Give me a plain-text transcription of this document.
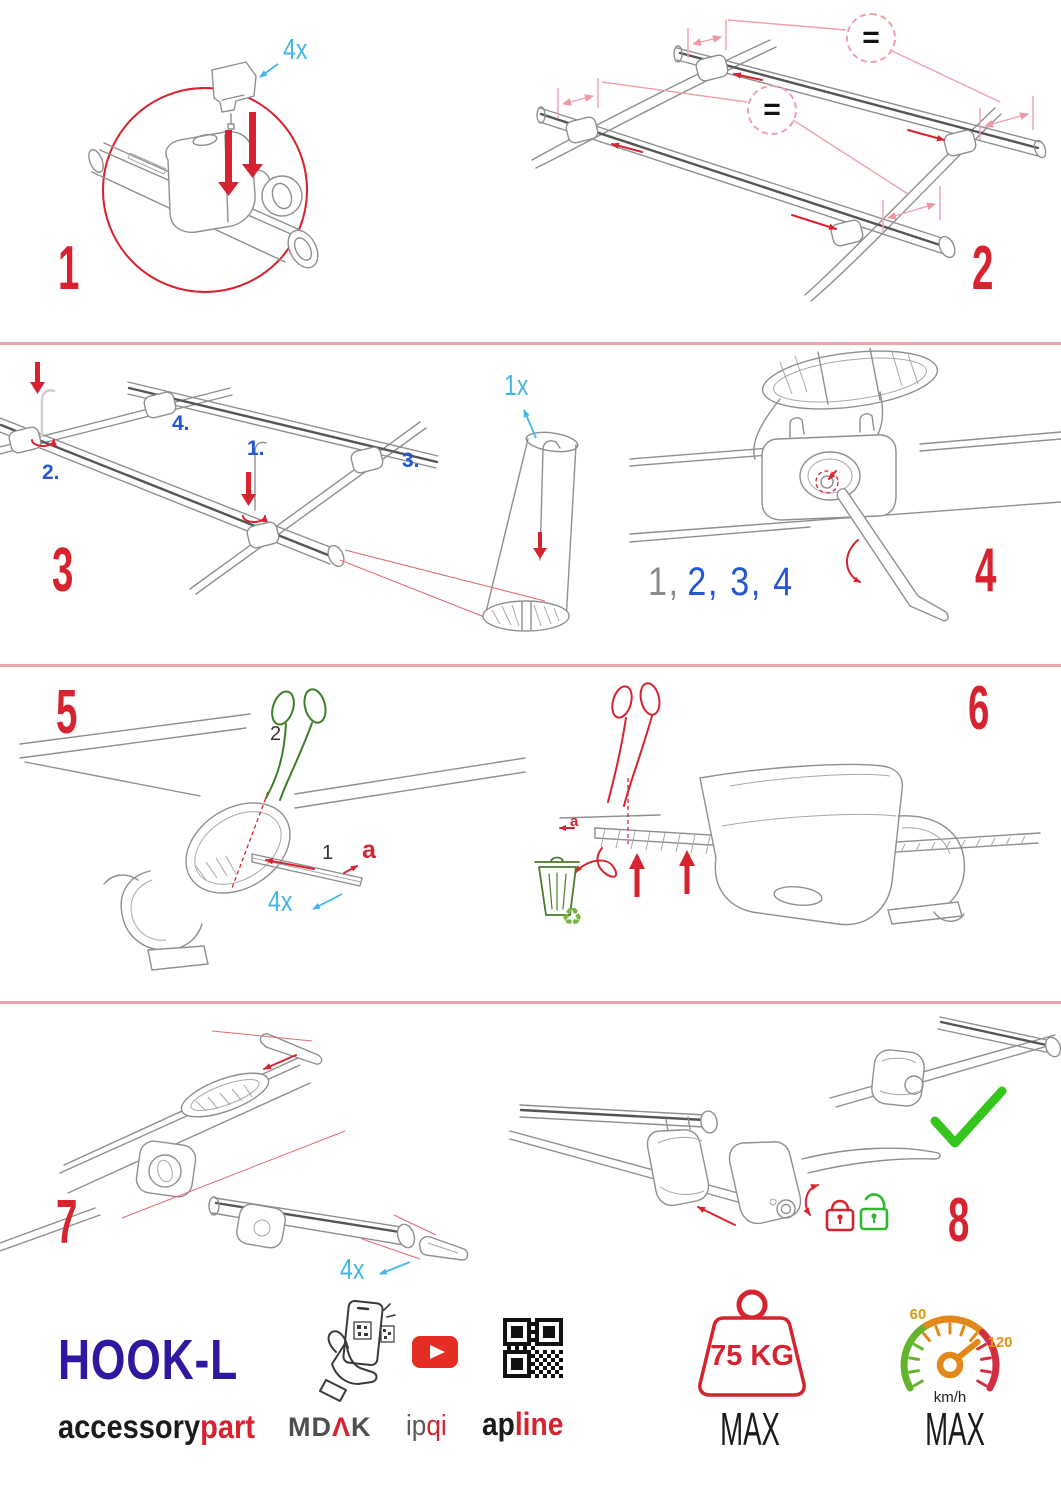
1
4x	=
=
2
1.
2.
3.
4.
1x
3	1, 2, 3, 4	4
2
1 a
4x
5
♻
a
6
4x
7	8
HOOK-L
accessorypart MDΛK ipqi apline
75 KG
MAX
60
120
km/h
MAX
